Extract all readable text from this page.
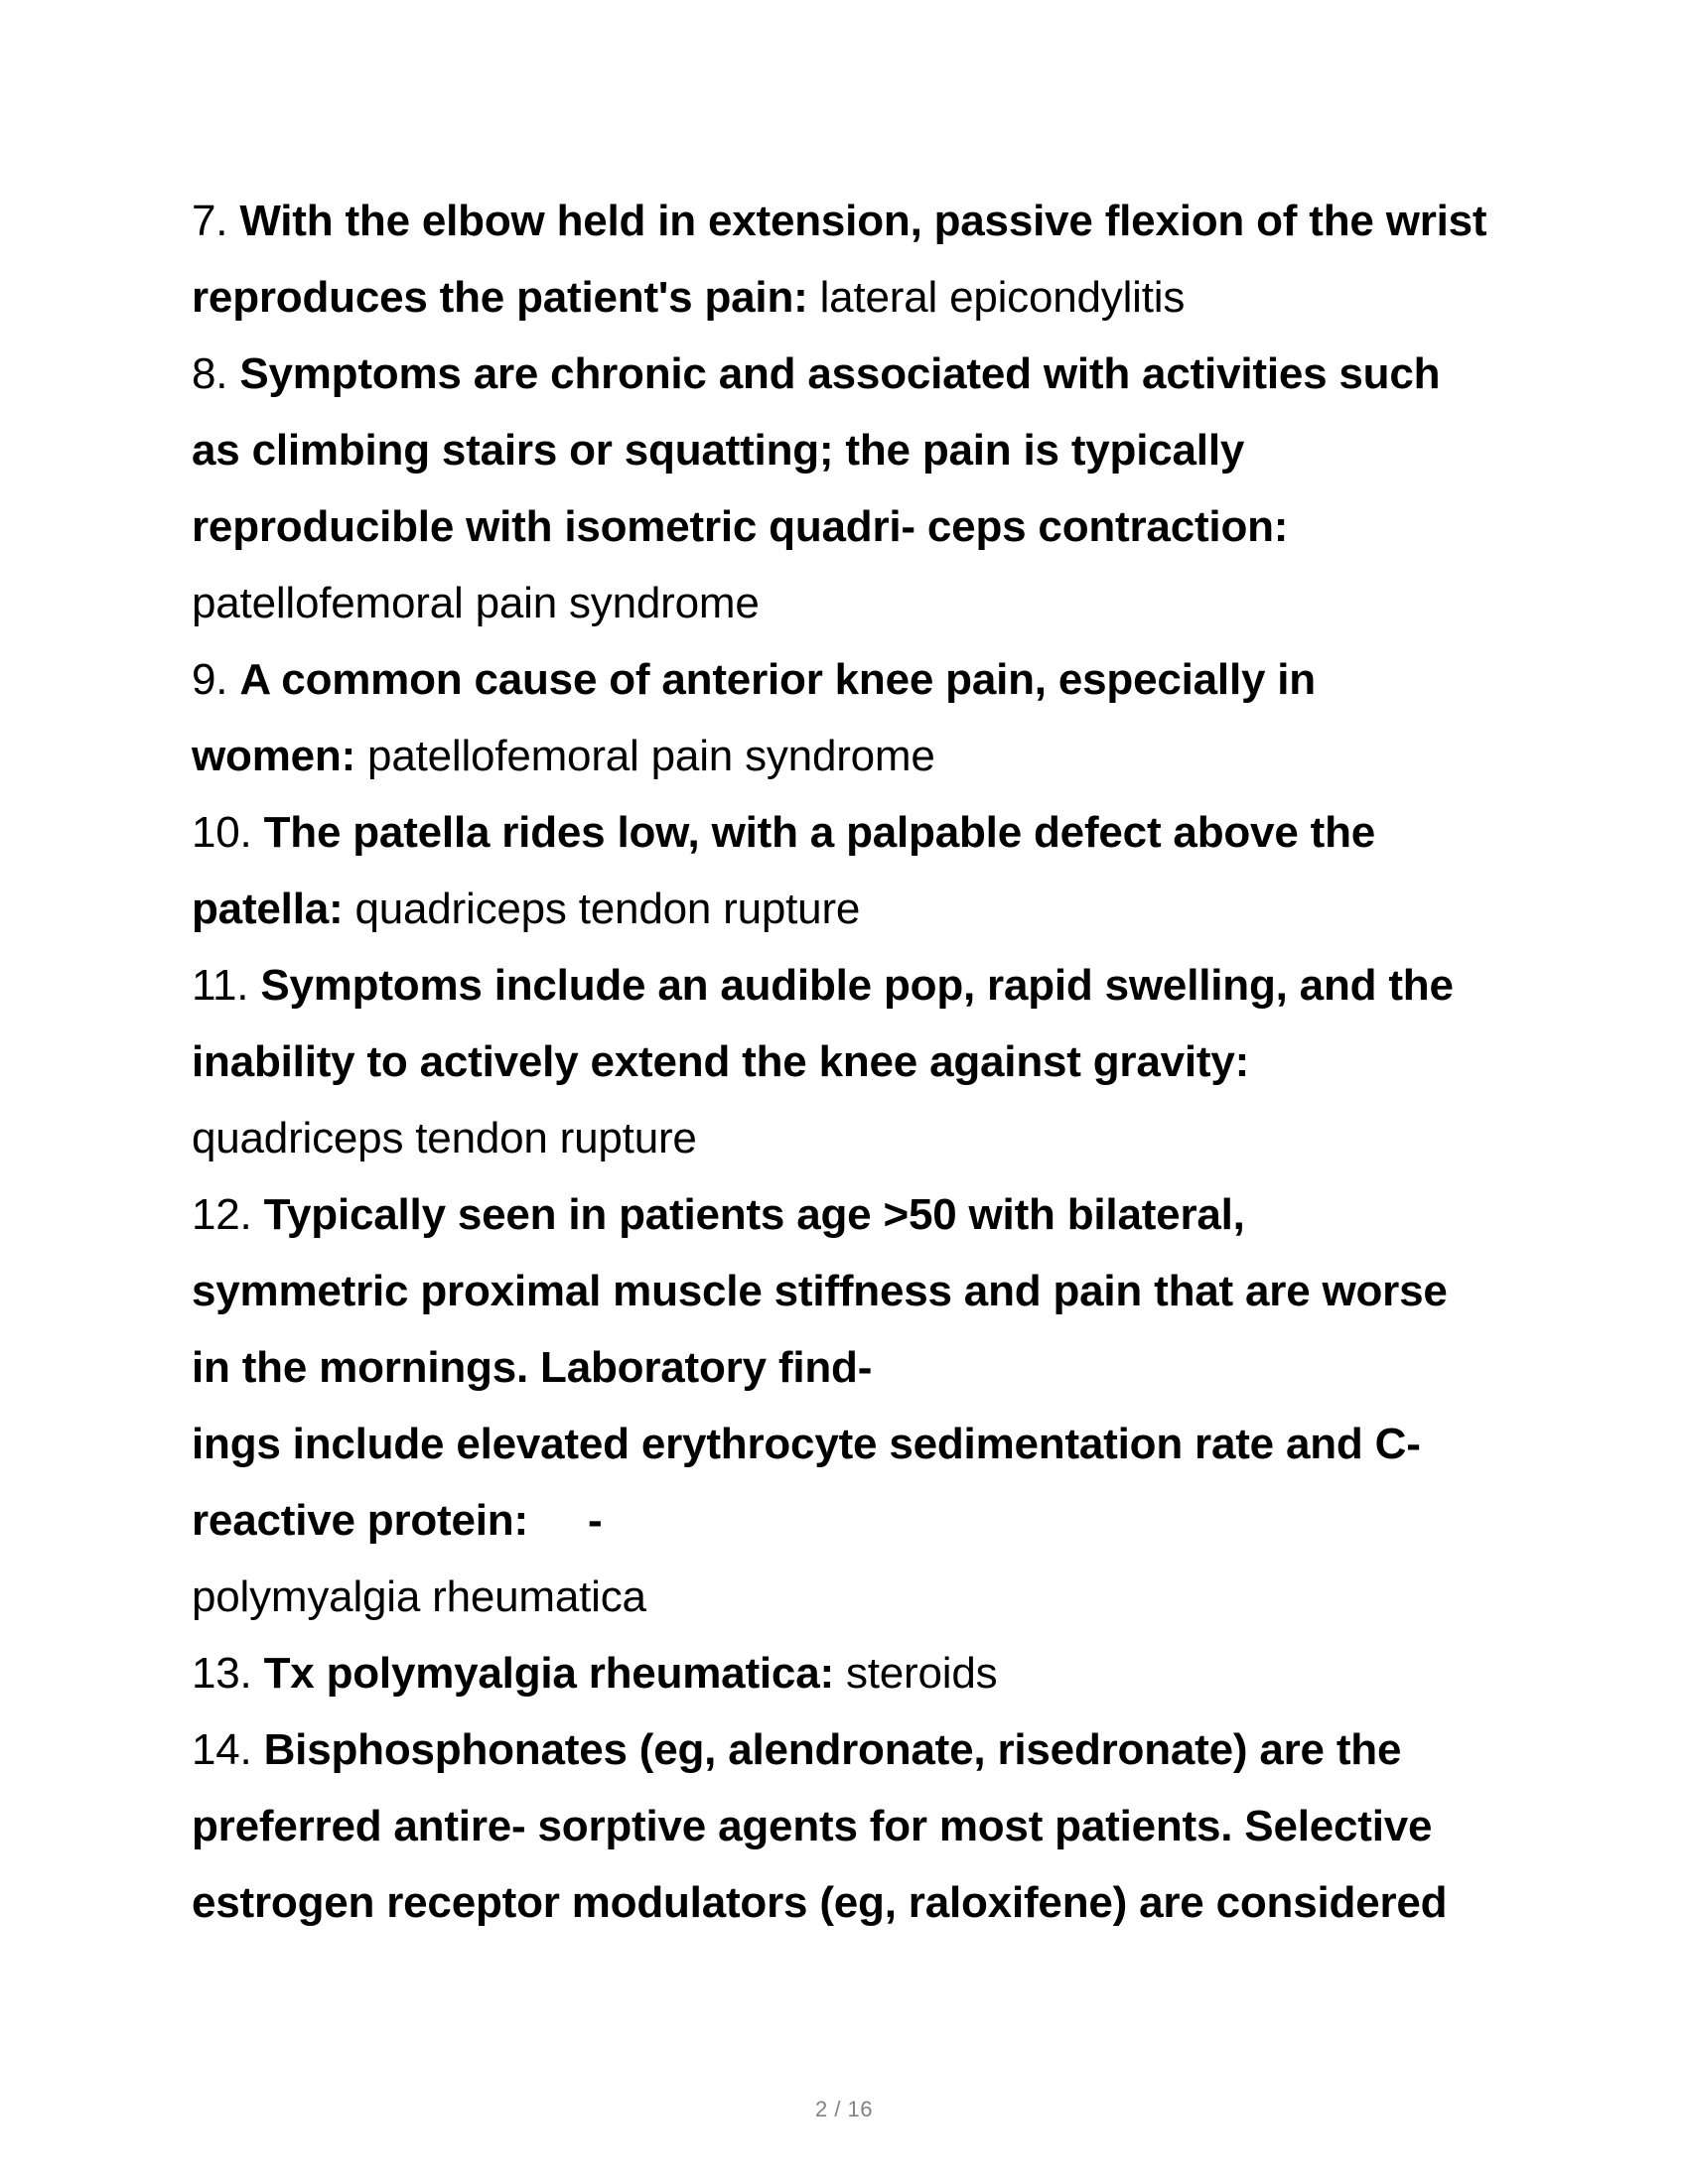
7. With the elbow held in extension, passive flexion of the wrist
reproduces the patient's pain: lateral epicondylitis
8. Symptoms are chronic and associated with activities such
as climbing stairs or squatting; the pain is typically
reproducible with isometric quadri- ceps contraction:
patellofemoral pain syndrome
9. A common cause of anterior knee pain, especially in
women: patellofemoral pain syndrome
10. The patella rides low, with a palpable defect above the
patella: quadriceps tendon rupture
11. Symptoms include an audible pop, rapid swelling, and the
inability to actively extend the knee against gravity:
quadriceps tendon rupture
12. Typically seen in patients age >50 with bilateral,
symmetric proximal muscle stiffness and pain that are worse
in the mornings. Laboratory find-
ings include elevated erythrocyte sedimentation rate and C-
reactive protein:     -
polymyalgia rheumatica
13. Tx polymyalgia rheumatica: steroids
14. Bisphosphonates (eg, alendronate, risedronate) are the
preferred antire- sorptive agents for most patients. Selective
estrogen receptor modulators (eg, raloxifene) are considered
2 / 16
